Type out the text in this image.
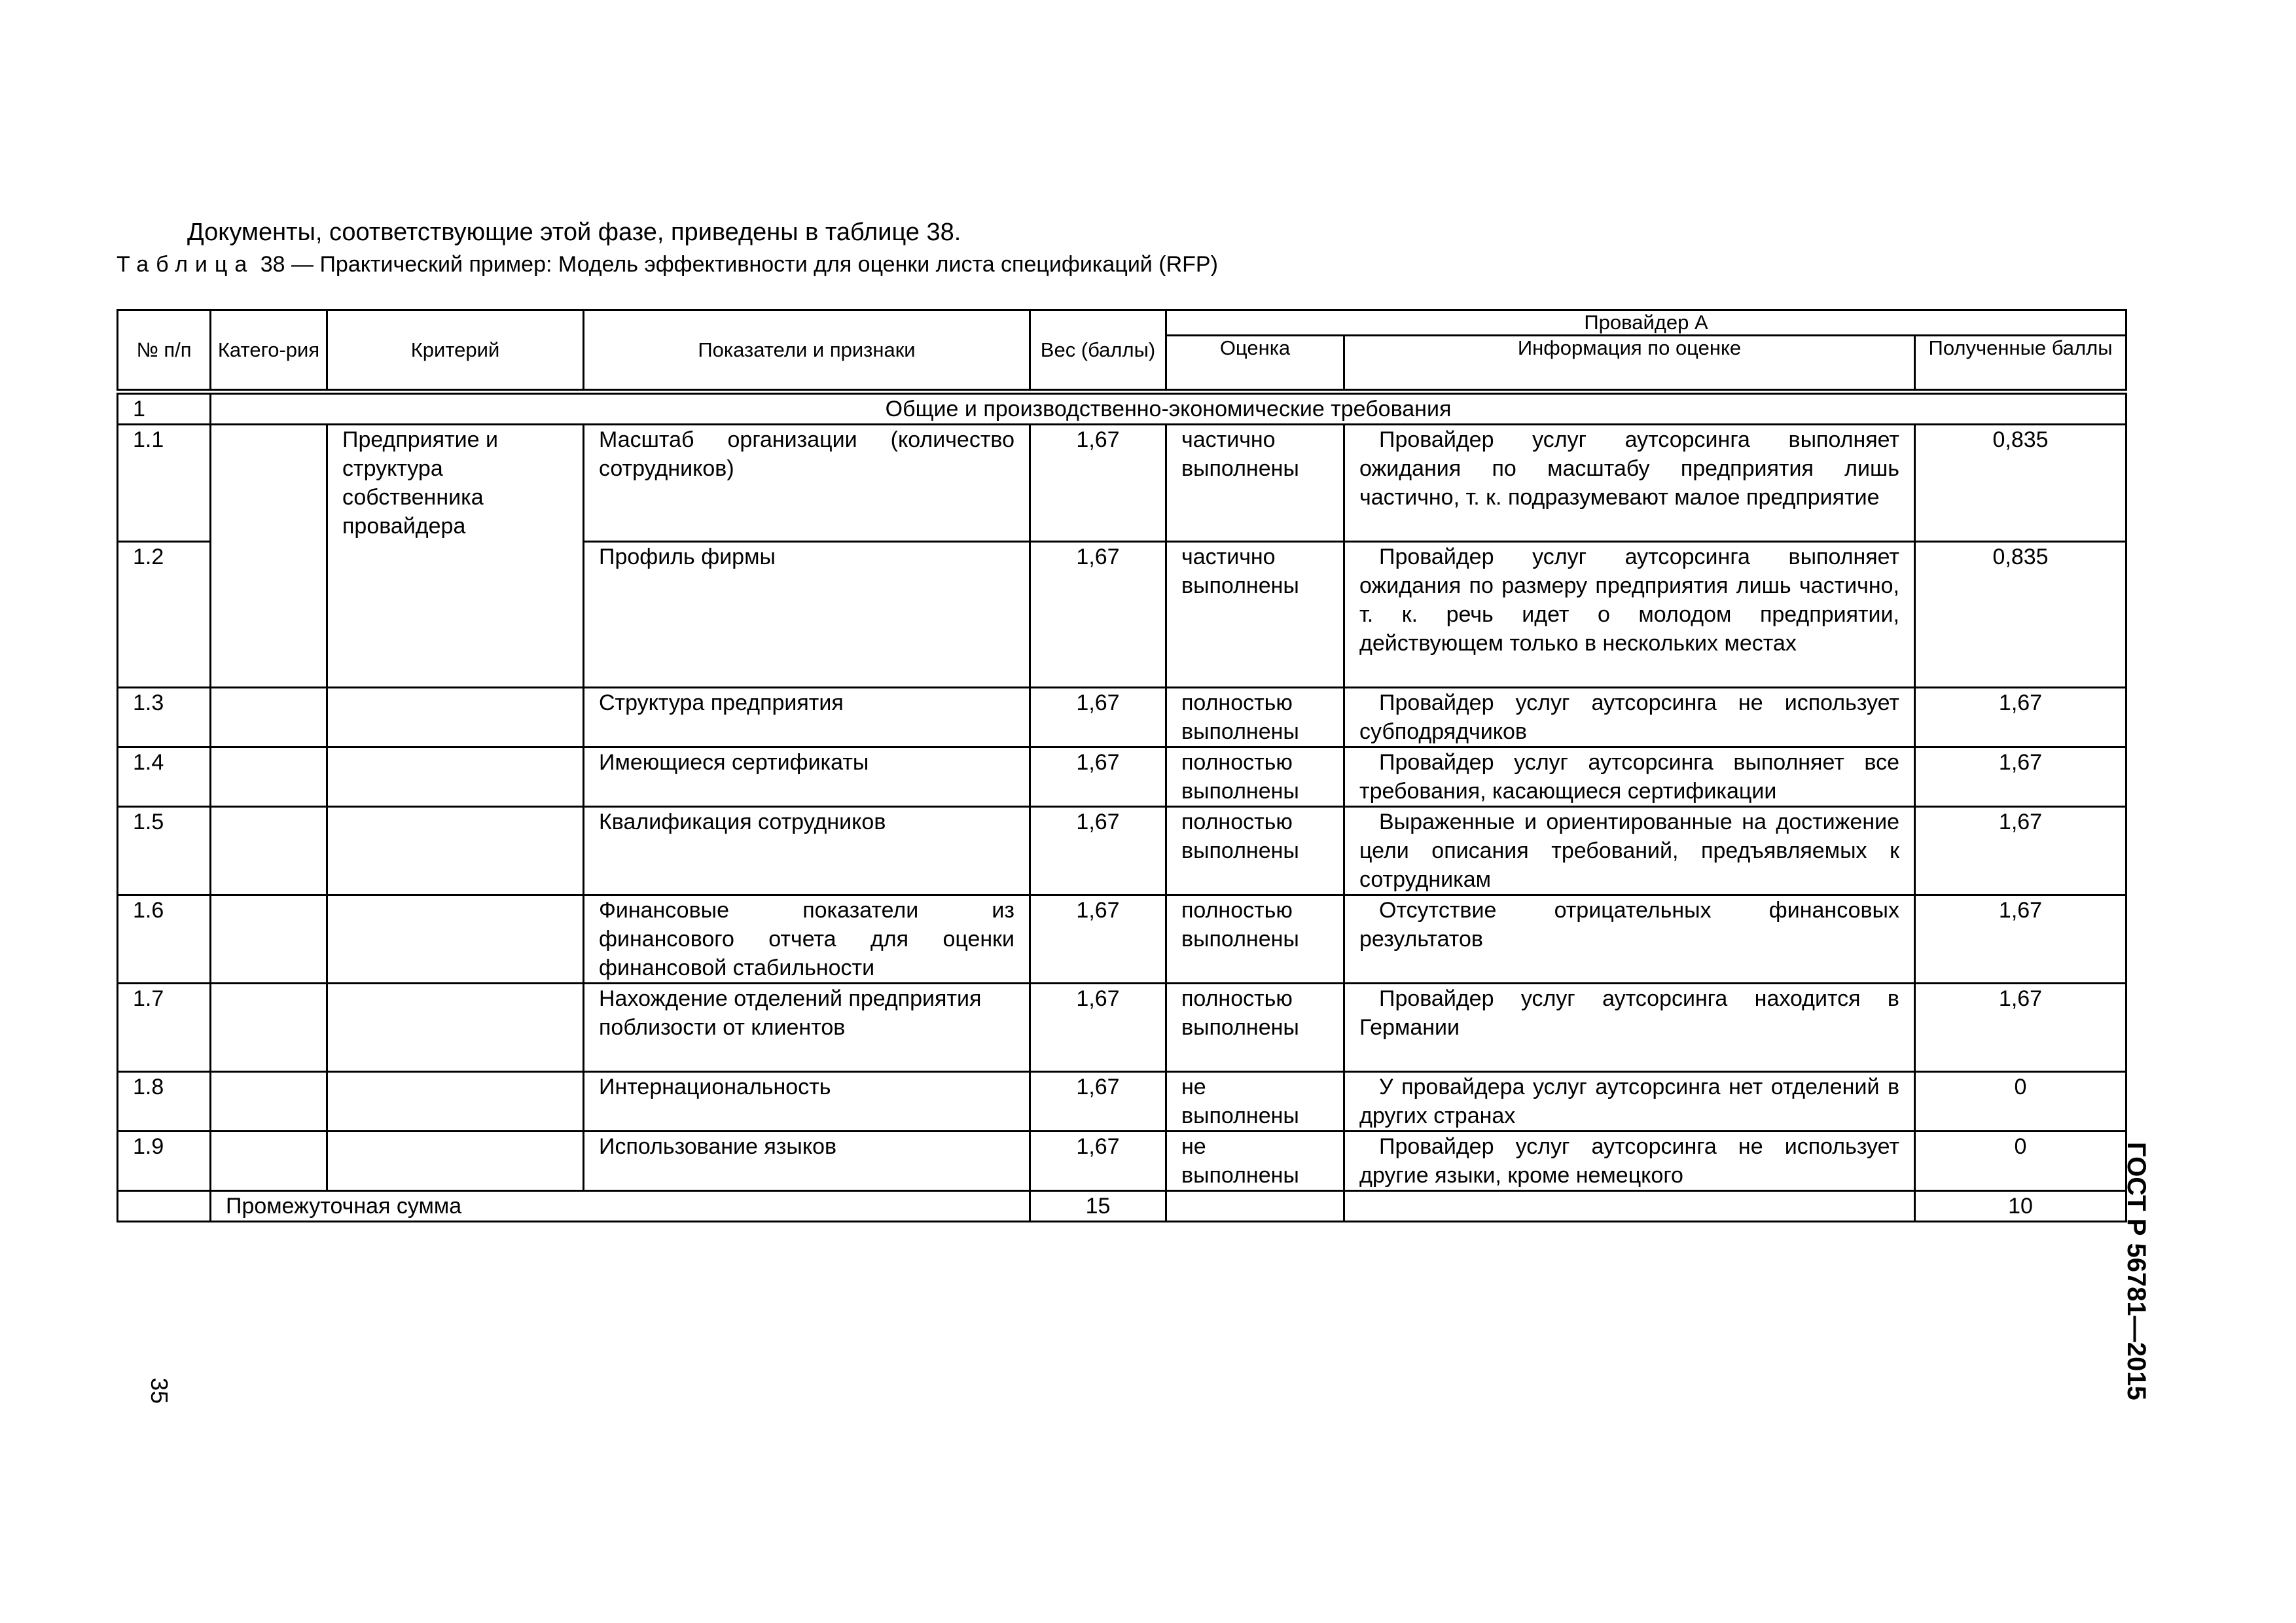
Документы, соответствующие этой фазе, приведены в таблице 38.
Таблица 38 — Практический пример: Модель эффективности для оценки листа спецификаций (RFP)
№ п/п	Катего-рия	Критерий	Показатели и признаки	Вес (баллы)	Провайдер А		
					Оценка	Информация по оценке	Полученные баллы
1	Общие и производственно-экономические требования						
1.1		Предприятие и структура собственника провайдера	Масштаб организации (количество сотрудников)	1,67	частично выполнены	Провайдер услуг аутсорсинга выполняет ожидания по масштабу предприятия лишь частично, т. к. подразумевают малое предприятие	0,835
1.2			Профиль фирмы	1,67	частично выполнены	Провайдер услуг аутсорсинга выполняет ожидания по размеру предприятия лишь частично, т. к. речь идет о молодом предприятии, действующем только в нескольких местах	0,835
1.3			Структура предприятия	1,67	полностью выполнены	Провайдер услуг аутсорсинга не использует субподрядчиков	1,67
1.4			Имеющиеся сертификаты	1,67	полностью выполнены	Провайдер услуг аутсорсинга выполняет все требования, касающиеся сертификации	1,67
1.5			Квалификация сотрудников	1,67	полностью выполнены	Выраженные и ориентированные на достижение цели описания требований, предъявляемых к сотрудникам	1,67
1.6			Финансовые показатели из финансового отчета для оценки финансовой стабильности	1,67	полностью выполнены	Отсутствие отрицательных финансовых результатов	1,67
1.7			Нахождение отделений предприятия поблизости от клиентов	1,67	полностью выполнены	Провайдер услуг аутсорсинга находится в Германии	1,67
1.8			Интернациональность	1,67	не выполнены	У провайдера услуг аутсорсинга нет отделений в других странах	0
1.9			Использование языков	1,67	не выполнены	Провайдер услуг аутсорсинга не использует другие языки, кроме немецкого	0
	Промежуточная сумма			15			10	ГОСТ Р 56781—2015
35
